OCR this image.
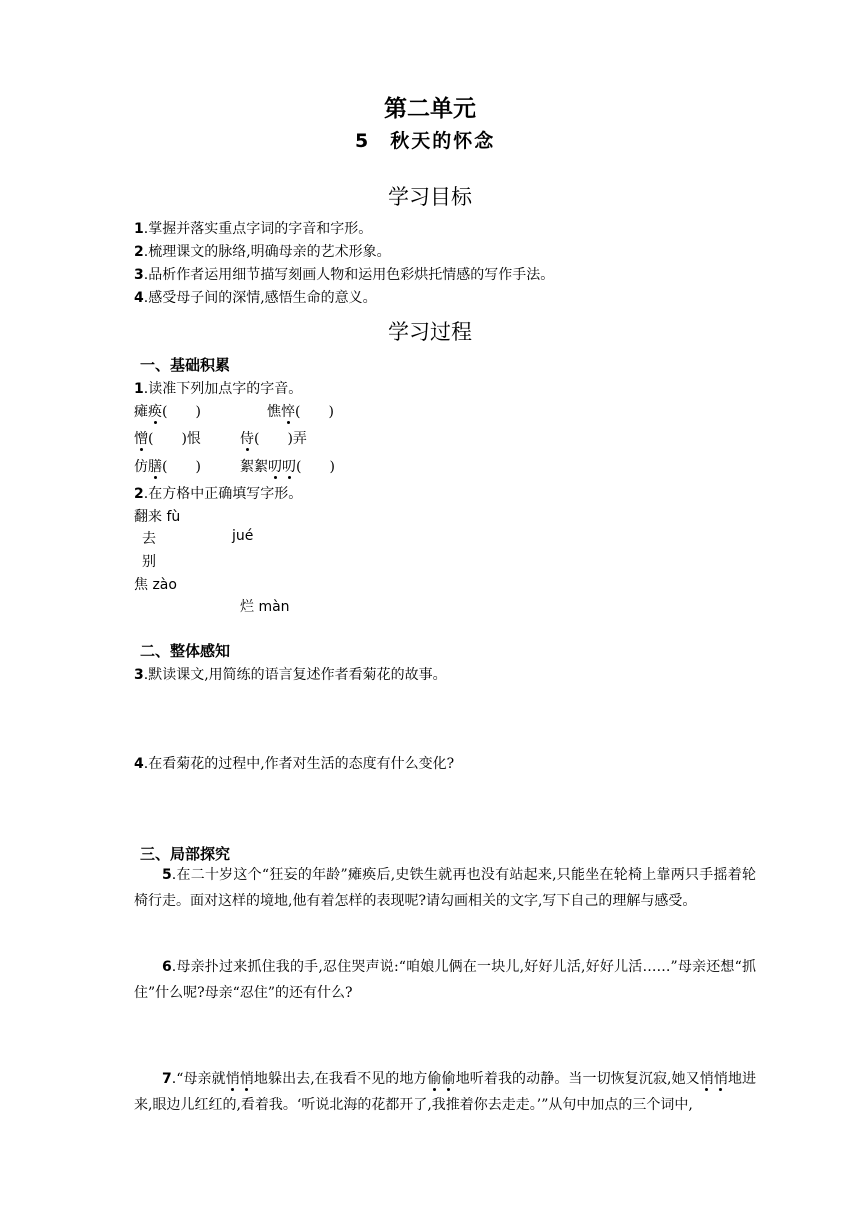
第二单元
5 秋天的怀念
学习目标
1.掌握并落实重点字词的字音和字形。
2.梳理课文的脉络,明确母亲的艺术形象。
3.品析作者运用细节描写刻画人物和运用色彩烘托情感的写作手法。
4.感受母子间的深情,感悟生命的意义。
学习过程
一、基础积累
1.读准下列加点字的字音。
瘫痪(　　)	憔悴(　　)
憎(　　)恨	侍(　　)弄
仿膳(　　)	絮絮叨叨(　　)
2.在方格中正确填写字形。
翻来 fù
去	jué
别
焦 zào
烂 màn
二、整体感知
3.默读课文,用简练的语言复述作者看菊花的故事。
4.在看菊花的过程中,作者对生活的态度有什么变化?
三、局部探究
5.在二十岁这个“狂妄的年龄”瘫痪后,史铁生就再也没有站起来,只能坐在轮椅上靠两只手摇着轮椅行走。面对这样的境地,他有着怎样的表现呢?请勾画相关的文字,写下自己的理解与感受。
6.母亲扑过来抓住我的手,忍住哭声说:“咱娘儿俩在一块儿,好好儿活,好好儿活……”母亲还想“抓住”什么呢?母亲“忍住”的还有什么?
7.“母亲就悄悄地躲出去,在我看不见的地方偷偷地听着我的动静。当一切恢复沉寂,她又悄悄地进来,眼边儿红红的,看着我。‘听说北海的花都开了,我推着你去走走。’”从句中加点的三个词中,
